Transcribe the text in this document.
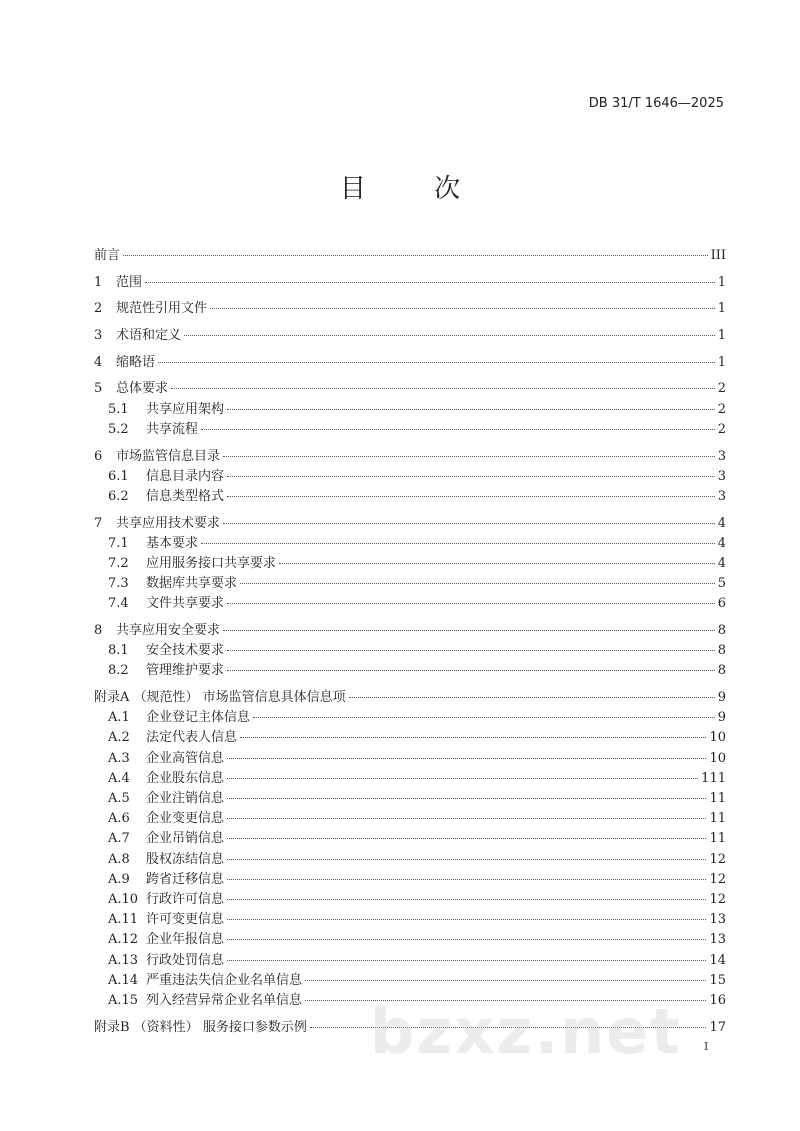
DB 31/T 1646—2025
目 次
前言	III
1 范围	1
2 规范性引用文件	1
3 术语和定义	1
4 缩略语	1
5 总体要求	2
5.1 共享应用架构	2
5.2 共享流程	2
6 市场监管信息目录	3
6.1 信息目录内容	3
6.2 信息类型格式	3
7 共享应用技术要求	4
7.1 基本要求	4
7.2 应用服务接口共享要求	4
7.3 数据库共享要求	5
7.4 文件共享要求	6
8 共享应用安全要求	8
8.1 安全技术要求	8
8.2 管理维护要求	8
附录A （规范性） 市场监管信息具体信息项	9
A.1 企业登记主体信息	9
A.2 法定代表人信息	10
A.3 企业高管信息	10
A.4 企业股东信息	111
A.5 企业注销信息	11
A.6 企业变更信息	11
A.7 企业吊销信息	11
A.8 股权冻结信息	12
A.9 跨省迁移信息	12
A.10 行政许可信息	12
A.11 许可变更信息	13
A.12 企业年报信息	13
A.13 行政处罚信息	14
A.14 严重违法失信企业名单信息	15
A.15 列入经营异常企业名单信息	16
附录B （资料性） 服务接口参数示例	17
I
bzxz.net
